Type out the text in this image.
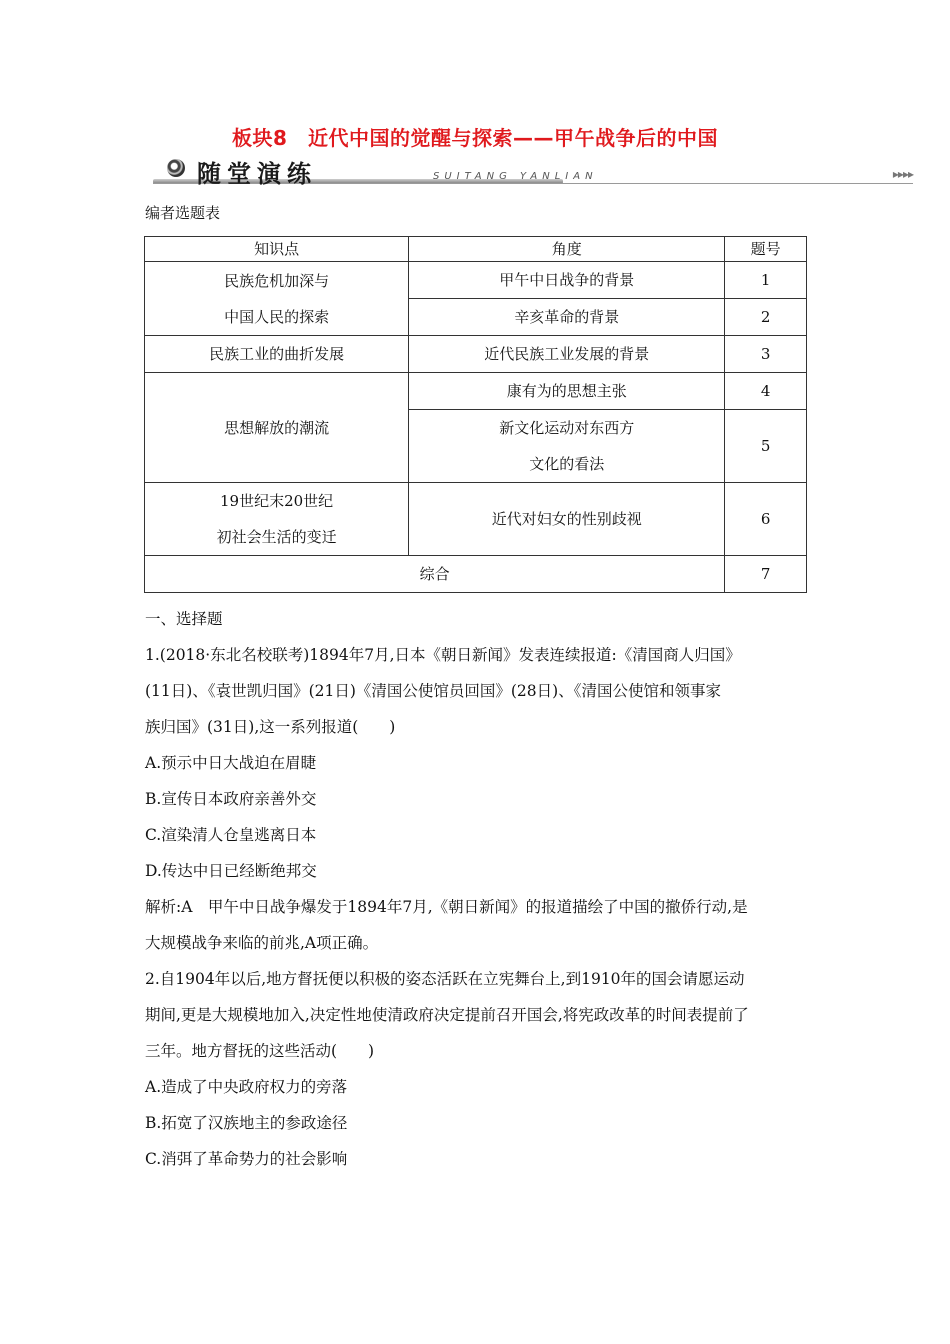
板块8　近代中国的觉醒与探索——甲午战争后的中国
随堂演练	SUITANG YANLIAN	▸▸▸▸
编者选题表
知识点	角度	题号

民族危机加深与
中国人民的探索	甲午中日战争的背景	1
	辛亥革命的背景	2
民族工业的曲折发展	近代民族工业发展的背景	3
思想解放的潮流	康有为的思想主张	4

	新文化运动对东西方
文化的看法	5

19世纪末20世纪
初社会生活的变迁	近代对妇女的性别歧视	6
综合		7

一、选择题

1.(2018·东北名校联考)1894年7月,日本《朝日新闻》发表连续报道:《清国商人归国》

(11日)、《袁世凯归国》(21日)《清国公使馆员回国》(28日)、《清国公使馆和领事家

族归国》(31日),这一系列报道(　　)

A.预示中日大战迫在眉睫

B.宣传日本政府亲善外交

C.渲染清人仓皇逃离日本

D.传达中日已经断绝邦交

解析:A　甲午中日战争爆发于1894年7月,《朝日新闻》的报道描绘了中国的撤侨行动,是

大规模战争来临的前兆,A项正确。

2.自1904年以后,地方督抚便以积极的姿态活跃在立宪舞台上,到1910年的国会请愿运动

期间,更是大规模地加入,决定性地使清政府决定提前召开国会,将宪政改革的时间表提前了

三年。地方督抚的这些活动(　　)

A.造成了中央政府权力的旁落

B.拓宽了汉族地主的参政途径

C.消弭了革命势力的社会影响
